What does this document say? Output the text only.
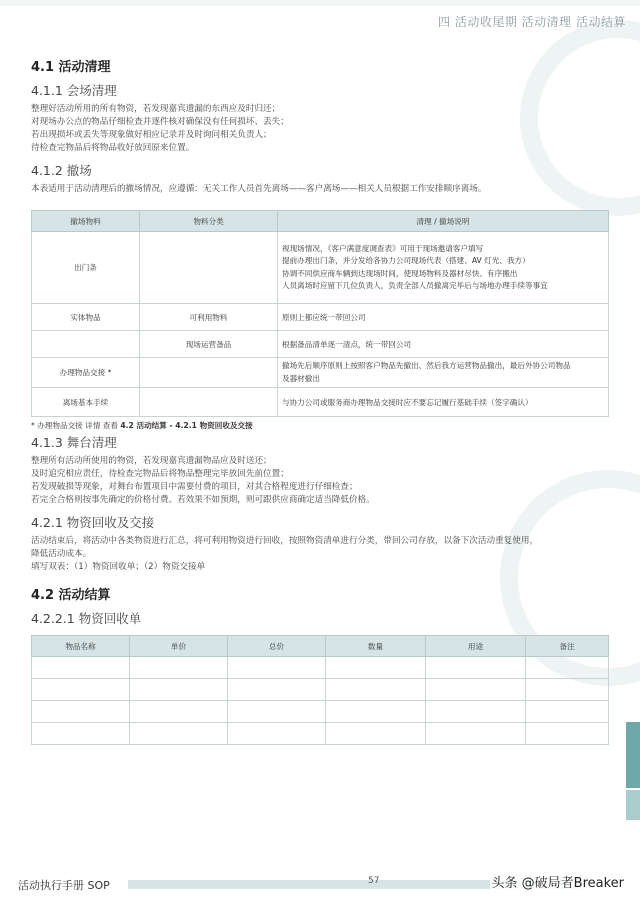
四 活动收尾期 活动清理 活动结算
4.1 活动清理
4.1.1 会场清理

整理好活动所用的所有物资，若发现嘉宾遗漏的东西应及时归还；

对现场办公点的物品仔细检查并逐件核对确保没有任何损坏、丢失；

若出现损坏或丢失等现象做好相应记录并及时询问相关负责人；

待检查完物品后将物品收好放回原来位置。

4.1.2 撤场

本表适用于活动清理后的撤场情况，应遵循：无关工作人员首先离场——客户离场——相关人员根据工作安排顺序离场。

撤场物料	物料分类	清理 / 撤场说明
出门条		视现场情况，《客户满意度调查表》可用于现场邀请客户填写
提前办理出门条，并分发给各协力公司现场代表（搭建、AV 灯光、我方）
协调不同供应商车辆到达现场时间，使现场物料及器材尽快、有序搬出
人员离场时应留下几位负责人，负责全部人员撤离完毕后与场地办理手续等事宜

实体物品	可利用物料	原则上都应统一带回公司

	现场运营备品	根据备品清单逐一清点，统一带回公司

办理物品交接 *		撤场先后顺序原则上按照客户物品先撤出、然后我方运营物品撤出，最后外协公司物品
及器材撤出

离场基本手续		与协力公司或服务商办理物品交接时应不要忘记履行基础手续（签字确认）
* 办理物品交接 详情 查看 4.2 活动结算 - 4.2.1 物资回收及交接
4.1.3 舞台清理

整理所有活动所使用的物资，若发现嘉宾遗漏物品应及时送还；

及时追究相应责任，待检查完物品后将物品整理完毕放回先前位置；

若发现破损等现象，对舞台布置项目中需要付费的项目，对其合格程度进行仔细检查；

若完全合格则按事先确定的价格付费。若效果不如预期，则可跟供应商确定适当降低价格。

4.2.1 物资回收及交接

活动结束后，将活动中各类物资进行汇总，将可利用物资进行回收，按照物资清单进行分类，带回公司存放，以备下次活动重复使用，

降低活动成本。

填写双表：（1）物资回收单；（2）物资交接单

4.2 活动结算
4.2.2.1 物资回收单
物品名称	单价	总价	数量	用途	备注

活动执行手册 SOP	57	头条 @破局者Breaker
